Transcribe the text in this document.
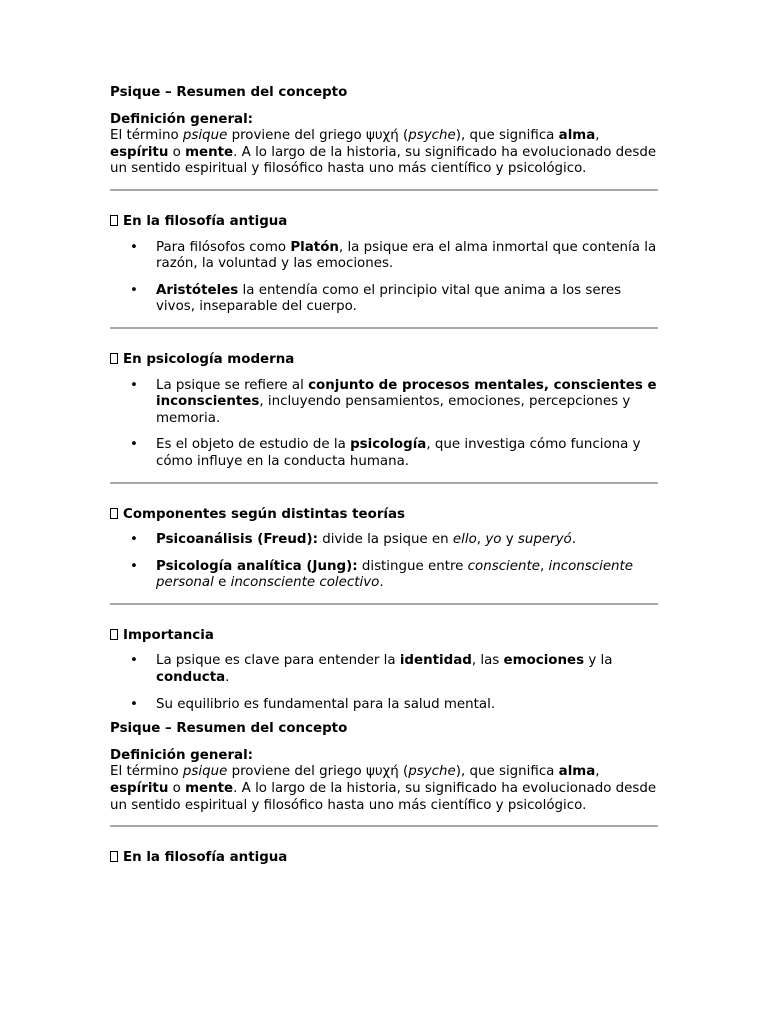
Psique – Resumen del concepto
Definición general:
El término psique proviene del griego ψυχή (psyche), que significa alma, espíritu o mente. A lo largo de la historia, su significado ha evolucionado desde un sentido espiritual y filosófico hasta uno más científico y psicológico.
En la filosofía antigua
• Para filósofos como Platón, la psique era el alma inmortal que contenía la razón, la voluntad y las emociones.
• Aristóteles la entendía como el principio vital que anima a los seres vivos, inseparable del cuerpo.
En psicología moderna
• La psique se refiere al conjunto de procesos mentales, conscientes e inconscientes, incluyendo pensamientos, emociones, percepciones y memoria.
• Es el objeto de estudio de la psicología, que investiga cómo funciona y cómo influye en la conducta humana.
Componentes según distintas teorías
• Psicoanálisis (Freud): divide la psique en ello, yo y superyó.
• Psicología analítica (Jung): distingue entre consciente, inconsciente personal e inconsciente colectivo.
Importancia
• La psique es clave para entender la identidad, las emociones y la conducta.
• Su equilibrio es fundamental para la salud mental.
Psique – Resumen del concepto
Definición general:
El término psique proviene del griego ψυχή (psyche), que significa alma, espíritu o mente. A lo largo de la historia, su significado ha evolucionado desde un sentido espiritual y filosófico hasta uno más científico y psicológico.
En la filosofía antigua
